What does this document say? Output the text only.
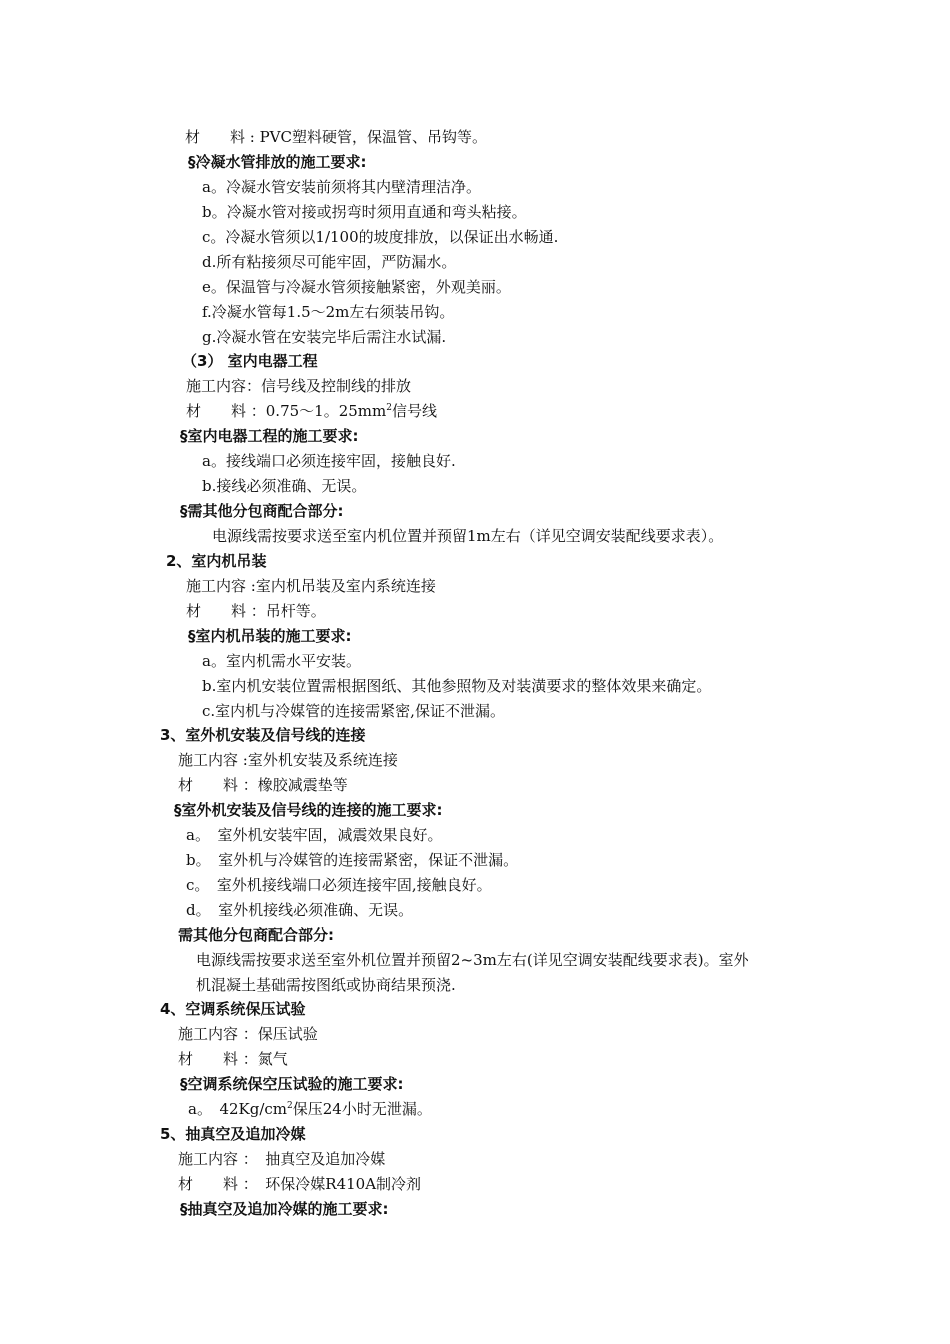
材　　料 : PVC塑料硬管，保温管、吊钩等。
§冷凝水管排放的施工要求:
a。冷凝水管安装前须将其内壁清理洁净。
b。冷凝水管对接或拐弯时须用直通和弯头粘接。
c。冷凝水管须以1/100的坡度排放，以保证出水畅通.
d.所有粘接须尽可能牢固，严防漏水。
e。保温管与冷凝水管须接触紧密，外观美丽。
f.冷凝水管每1.5～2m左右须装吊钩。
g.冷凝水管在安装完毕后需注水试漏.
（3） 室内电器工程
施工内容：信号线及控制线的排放
材　　料 ：0.75～1。$25mm^2$信号线
§室内电器工程的施工要求:
a。接线端口必须连接牢固，接触良好.
b.接线必须准确、无误。
§需其他分包商配合部分:
电源线需按要求送至室内机位置并预留1m左右（详见空调安装配线要求表）。
2、室内机吊装
施工内容 :室内机吊装及室内系统连接
材　　料 ：吊杆等。
§室内机吊装的施工要求:
a。室内机需水平安装。
b.室内机安装位置需根据图纸、其他参照物及对装潢要求的整体效果来确定。
c.室内机与冷媒管的连接需紧密,保证不泄漏。
3、室外机安装及信号线的连接
施工内容 :室外机安装及系统连接
材　　料 ：橡胶减震垫等
§室外机安装及信号线的连接的施工要求:
a。　室外机安装牢固，减震效果良好。
b。　室外机与冷媒管的连接需紧密，保证不泄漏。
c。　室外机接线端口必须连接牢固,接触良好。
d。　室外机接线必须准确、无误。
需其他分包商配合部分:
电源线需按要求送至室外机位置并预留2~3m左右(详见空调安装配线要求表)。室外
机混凝土基础需按图纸或协商结果预浇.
4、空调系统保压试验
施工内容 ：保压试验
材　　料 ：氮气
§空调系统保空压试验的施工要求:
a。　$42Kg/cm^2$保压24小时无泄漏。
5、抽真空及追加冷媒
施工内容 ：　抽真空及追加冷媒
材　　料 ：　环保冷媒R410A制冷剂
§抽真空及追加冷媒的施工要求:
